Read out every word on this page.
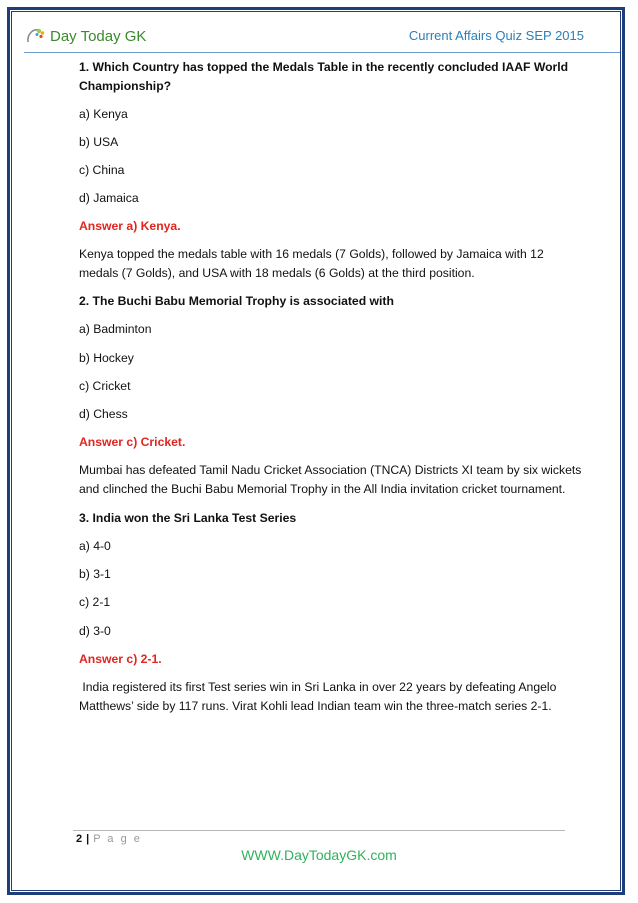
Day Today GK	Current Affairs Quiz SEP 2015
1. Which Country has topped the Medals Table in the recently concluded IAAF World
Championship?
a) Kenya
b) USA
c) China
d) Jamaica
Answer a) Kenya.
Kenya topped the medals table with 16 medals (7 Golds), followed by Jamaica with 12
medals (7 Golds), and USA with 18 medals (6 Golds) at the third position.
2. The Buchi Babu Memorial Trophy is associated with
a) Badminton
b) Hockey
c) Cricket
d) Chess
Answer c) Cricket.
Mumbai has defeated Tamil Nadu Cricket Association (TNCA) Districts XI team by six wickets
and clinched the Buchi Babu Memorial Trophy in the All India invitation cricket tournament.
3. India won the Sri Lanka Test Series
a) 4-0
b) 3-1
c) 2-1
d) 3-0
Answer c) 2-1.
India registered its first Test series win in Sri Lanka in over 22 years by defeating Angelo
Matthews’ side by 117 runs. Virat Kohli lead Indian team win the three-match series 2-1.
2 | P a g e
WWW.DayTodayGK.com
